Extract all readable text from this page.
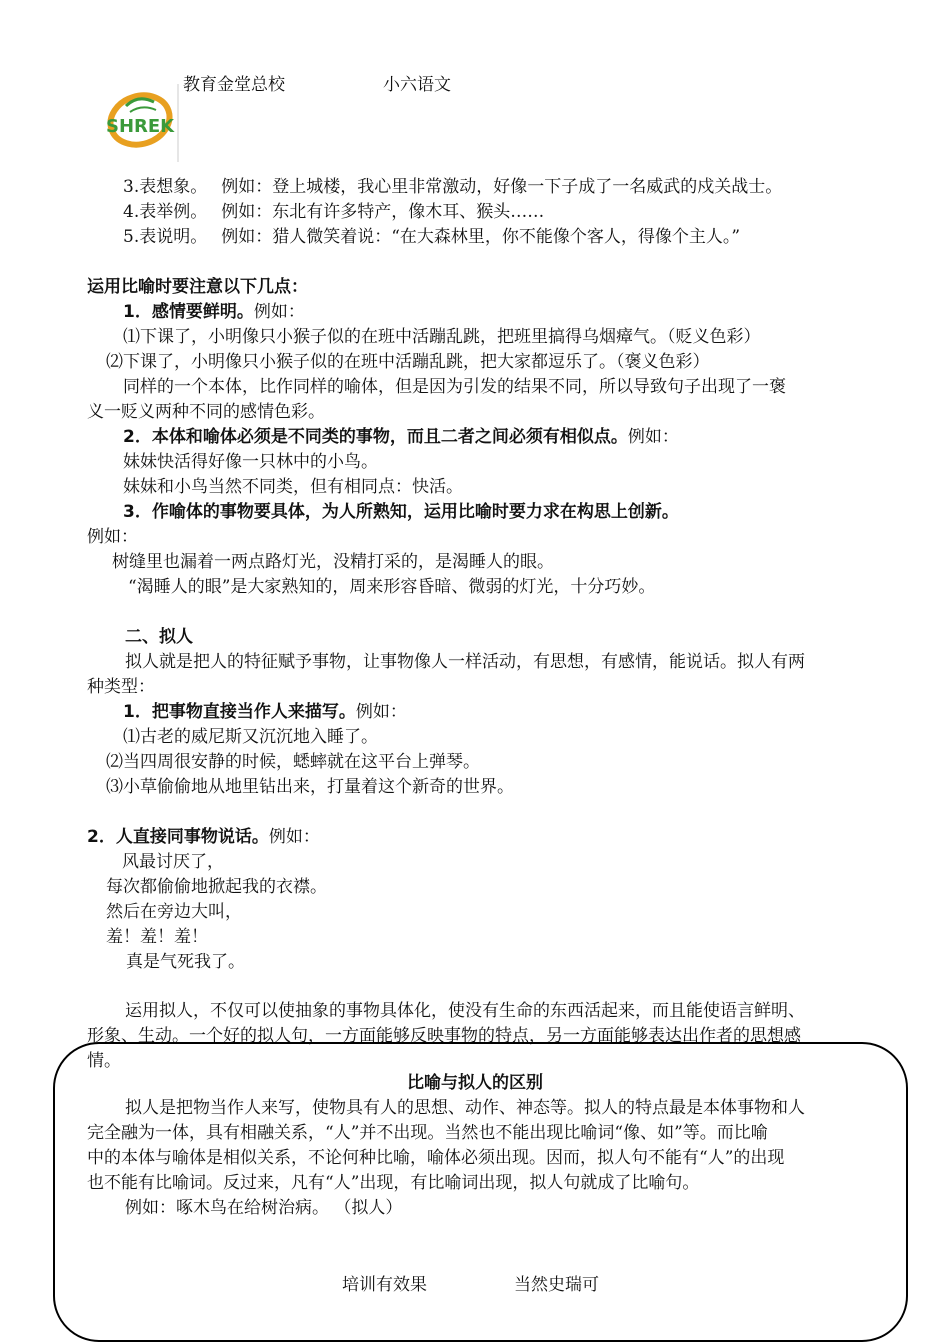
教育金堂总校	小六语文
SHREK
3.表想象。 例如：登上城楼，我心里非常激动，好像一下子成了一名威武的戍关战士。
4.表举例。 例如：东北有许多特产，像木耳、猴头……
5.表说明。 例如：猎人微笑着说：“在大森林里，你不能像个客人，得像个主人。”
运用比喻时要注意以下几点：
1．感情要鲜明。例如：
⑴下课了，小明像只小猴子似的在班中活蹦乱跳，把班里搞得乌烟瘴气。（贬义色彩）
⑵下课了，小明像只小猴子似的在班中活蹦乱跳，把大家都逗乐了。（褒义色彩）
同样的一个本体，比作同样的喻体，但是因为引发的结果不同，所以导致句子出现了一褒
义一贬义两种不同的感情色彩。
2．本体和喻体必须是不同类的事物，而且二者之间必须有相似点。例如：
妹妹快活得好像一只林中的小鸟。
妹妹和小鸟当然不同类，但有相同点：快活。
3．作喻体的事物要具体，为人所熟知，运用比喻时要力求在构思上创新。
例如：
树缝里也漏着一两点路灯光，没精打采的，是渴睡人的眼。
“渴睡人的眼”是大家熟知的，周来形容昏暗、微弱的灯光，十分巧妙。
二、拟人
拟人就是把人的特征赋予事物，让事物像人一样活动，有思想，有感情，能说话。拟人有两
种类型：
1．把事物直接当作人来描写。例如：
⑴古老的威尼斯又沉沉地入睡了。
⑵当四周很安静的时候，蟋蟀就在这平台上弹琴。
⑶小草偷偷地从地里钻出来，打量着这个新奇的世界。
2．人直接同事物说话。例如：
风最讨厌了，
每次都偷偷地掀起我的衣襟。
然后在旁边大叫，
羞！羞！羞！
真是气死我了。
运用拟人，不仅可以使抽象的事物具体化，使没有生命的东西活起来，而且能使语言鲜明、
形象、生动。一个好的拟人句，一方面能够反映事物的特点，另一方面能够表达出作者的思想感
情。
比喻与拟人的区别
拟人是把物当作人来写，使物具有人的思想、动作、神态等。拟人的特点最是本体事物和人
完全融为一体，具有相融关系，“人”并不出现。当然也不能出现比喻词“像、如”等。而比喻
中的本体与喻体是相似关系，不论何种比喻，喻体必须出现。因而，拟人句不能有“人”的出现
也不能有比喻词。反过来，凡有“人”出现，有比喻词出现，拟人句就成了比喻句。
例如：啄木鸟在给树治病。 （拟人）
培训有效果	当然史瑞可
